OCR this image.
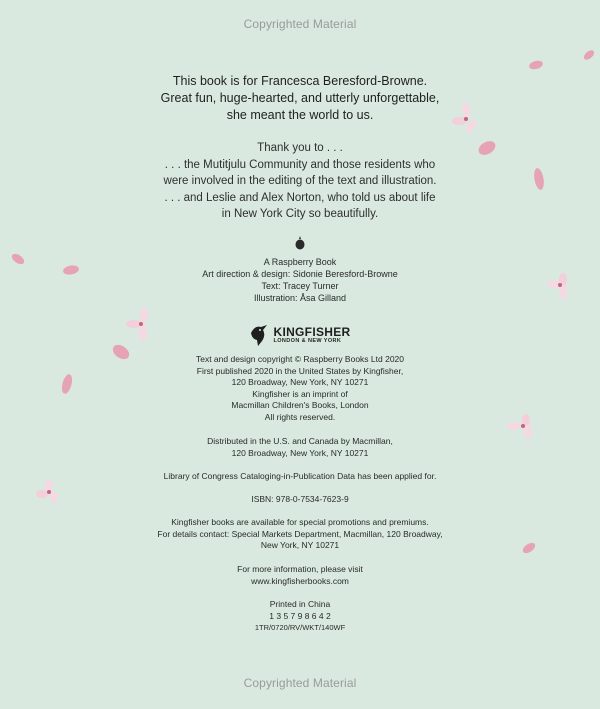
Copyrighted Material
This book is for Francesca Beresford-Browne.
Great fun, huge-hearted, and utterly unforgettable,
she meant the world to us.
Thank you to . . .
. . . the Mutitjulu Community and those residents who
were involved in the editing of the text and illustration.
. . . and Leslie and Alex Norton, who told us about life
in New York City so beautifully.
A Raspberry Book
Art direction & design: Sidonie Beresford-Browne
Text: Tracey Turner
Illustration: Åsa Gilland
KINGFISHER
LONDON & NEW YORK
Text and design copyright © Raspberry Books Ltd 2020
First published 2020 in the United States by Kingfisher,
120 Broadway, New York, NY 10271
Kingfisher is an imprint of
Macmillan Children's Books, London
All rights reserved.
Distributed in the U.S. and Canada by Macmillan,
120 Broadway, New York, NY 10271
Library of Congress Cataloging-in-Publication Data has been applied for.
ISBN: 978-0-7534-7623-9
Kingfisher books are available for special promotions and premiums.
For details contact: Special Markets Department, Macmillan, 120 Broadway,
New York, NY 10271
For more information, please visit
www.kingfisherbooks.com
Printed in China
1 3 5 7 9 8 6 4 2
1TR/0720/RV/WKT/140WF
Copyrighted Material
